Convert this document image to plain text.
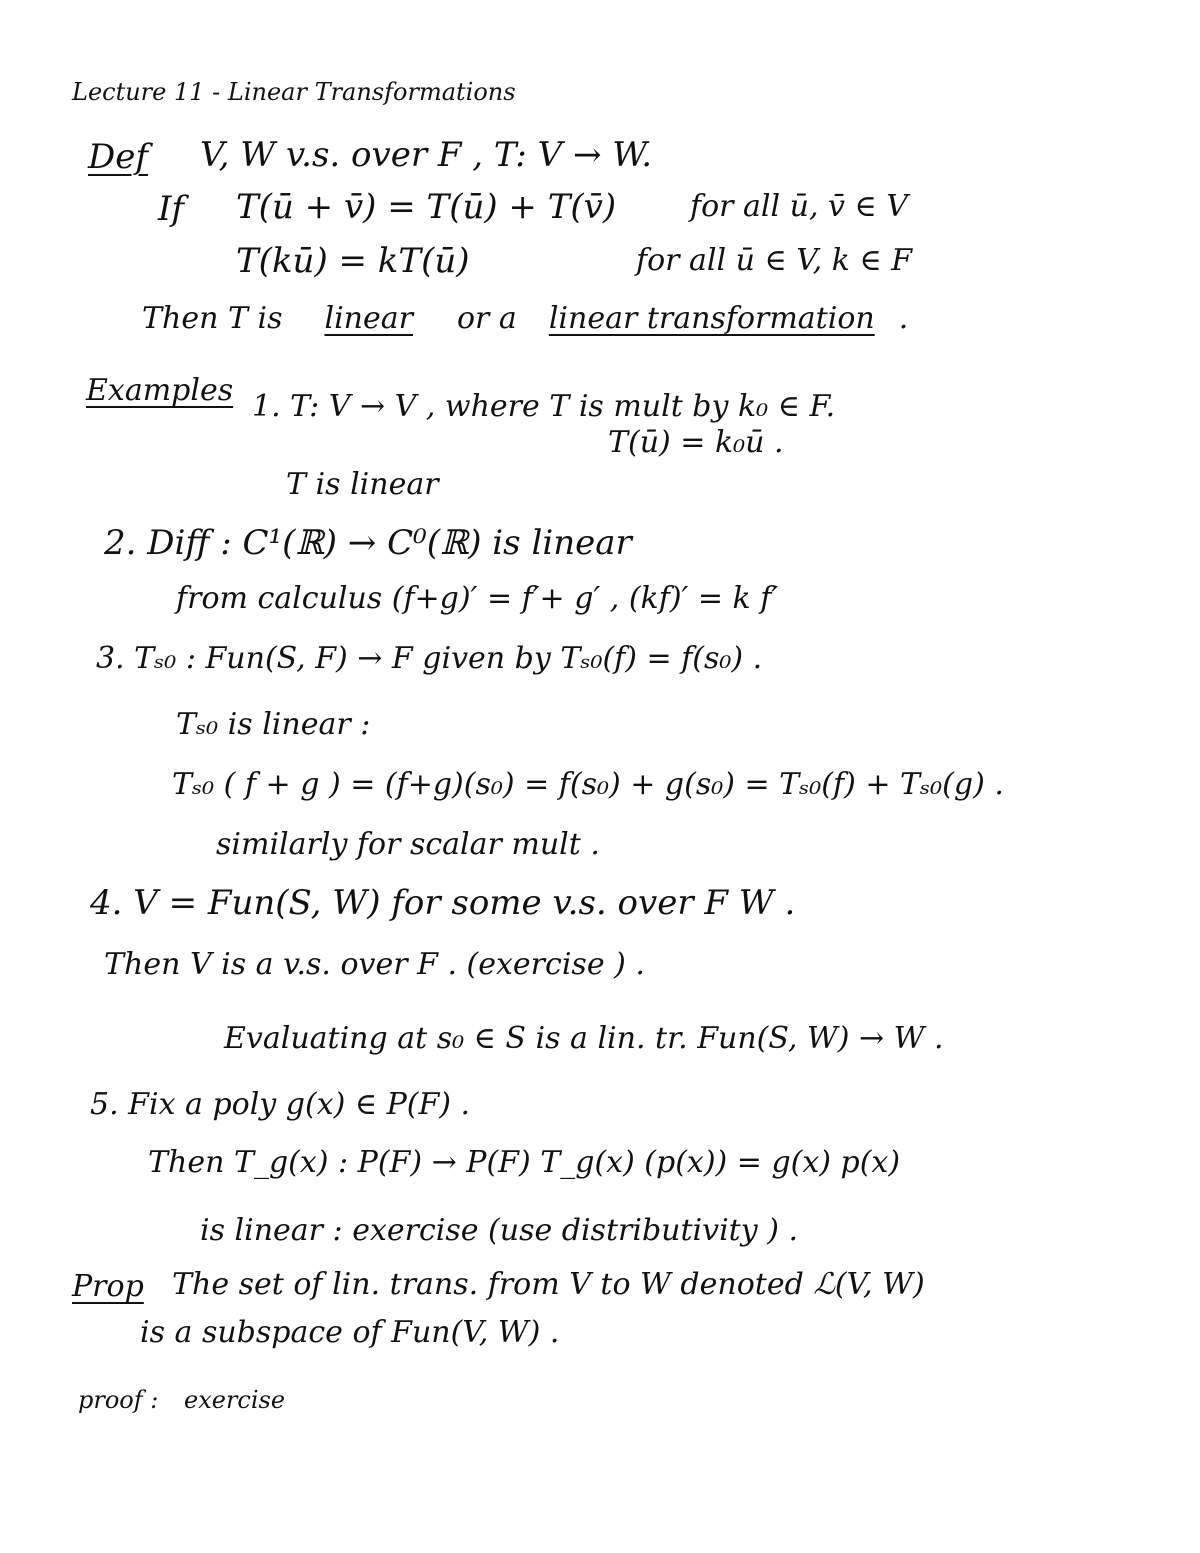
Lecture 11 - Linear Transformations
Def V, W v.s. over F , T: V → W.
If T(ū + v̄) = T(ū) + T(v̄) for all ū, v̄ ∈ V
T(kū) = kT(ū)	for all ū ∈ V, k ∈ F
Then T is linear or a linear transformation .
Examples 1. T: V → V , where T is mult by k₀ ∈ F.
T(ū) = k₀ū .
T is linear
2. Diff : C¹(ℝ) → C⁰(ℝ) is linear
from calculus (f+g)′ = f′+ g′ , (kf)′ = k f′
3. Tₛ₀ : Fun(S, F) → F given by Tₛ₀(f) = f(s₀) .
Tₛ₀ is linear :
Tₛ₀ ( f + g ) = (f+g)(s₀) = f(s₀) + g(s₀) = Tₛ₀(f) + Tₛ₀(g) .
similarly for scalar mult .
4. V = Fun(S, W) for some v.s. over F W .
Then V is a v.s. over F . (exercise ) .
Evaluating at s₀ ∈ S is a lin. tr. Fun(S, W) → W .
5. Fix a poly g(x) ∈ P(F) .
Then T_g(x) : P(F) → P(F) T_g(x) (p(x)) = g(x) p(x)
is linear : exercise (use distributivity ) .
Prop The set of lin. trans. from V to W denoted ℒ(V, W)
is a subspace of Fun(V, W) .
proof : exercise
